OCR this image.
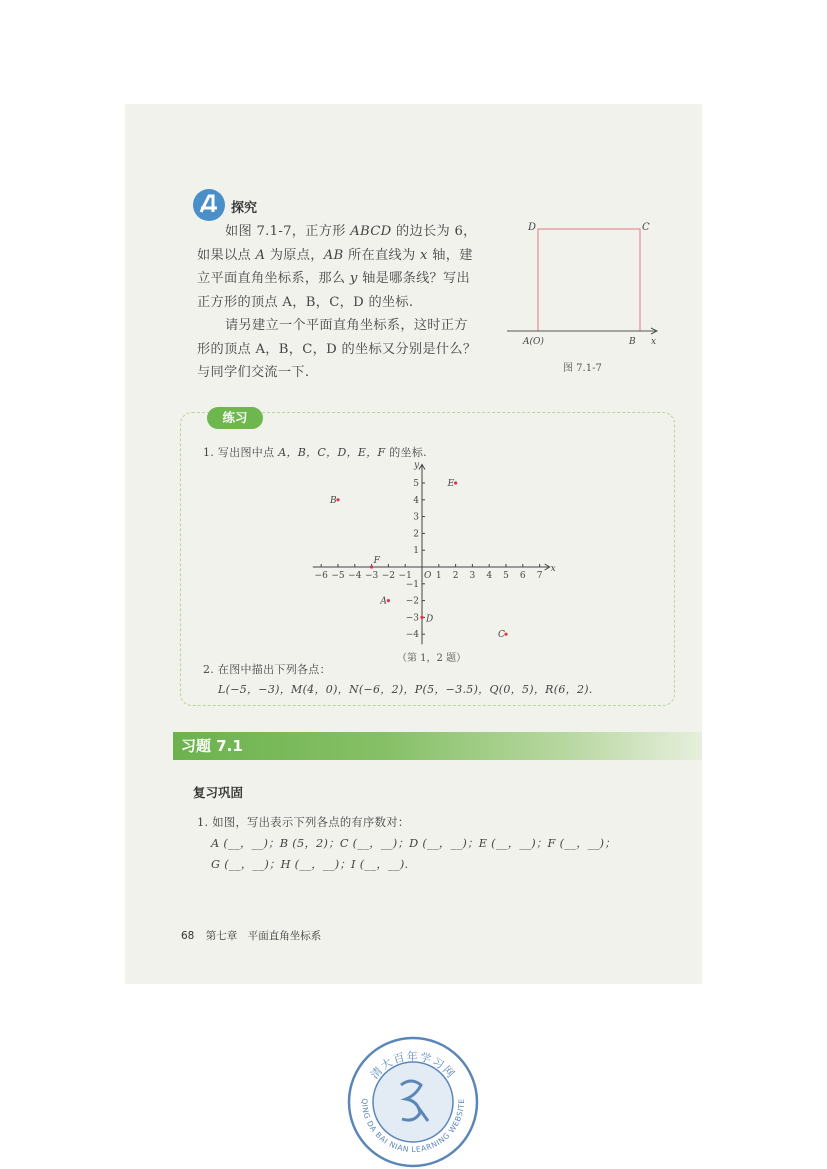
探究
如图 7.1-7，正方形 ABCD 的边长为 6，
如果以点 A 为原点，AB 所在直线为 x 轴，建
立平面直角坐标系，那么 y 轴是哪条线？写出
正方形的顶点 A，B，C，D 的坐标.
请另建立一个平面直角坐标系，这时正方
形的顶点 A，B，C，D 的坐标又分别是什么？
与同学们交流一下.
D	C
A(O)	B x
图 7.1-7
练习
1. 写出图中点 A，B，C，D，E，F 的坐标.
x
y
O
−6 −5 −4 −3 −2 −1	1 2 3 4 5 6 7
5
4
3
2
1
−1
−2
−3
−4
A
B
C
D
E
F
（第 1，2 题）
2. 在图中描出下列各点：
L(−5，−3)，M(4，0)，N(−6，2)，P(5，−3.5)，Q(0，5)，R(6，2).
习题 7.1
复习巩固
1. 如图，写出表示下列各点的有序数对：
A (__，__)；B (5，2)；C (__，__)；D (__，__)；E (__，__)；F (__，__)；
G (__，__)；H (__，__)；I (__，__).
68 第七章　平面直角坐标系
清大百年学习网
QING DA BAI NIAN LEARNING WEBSITE
